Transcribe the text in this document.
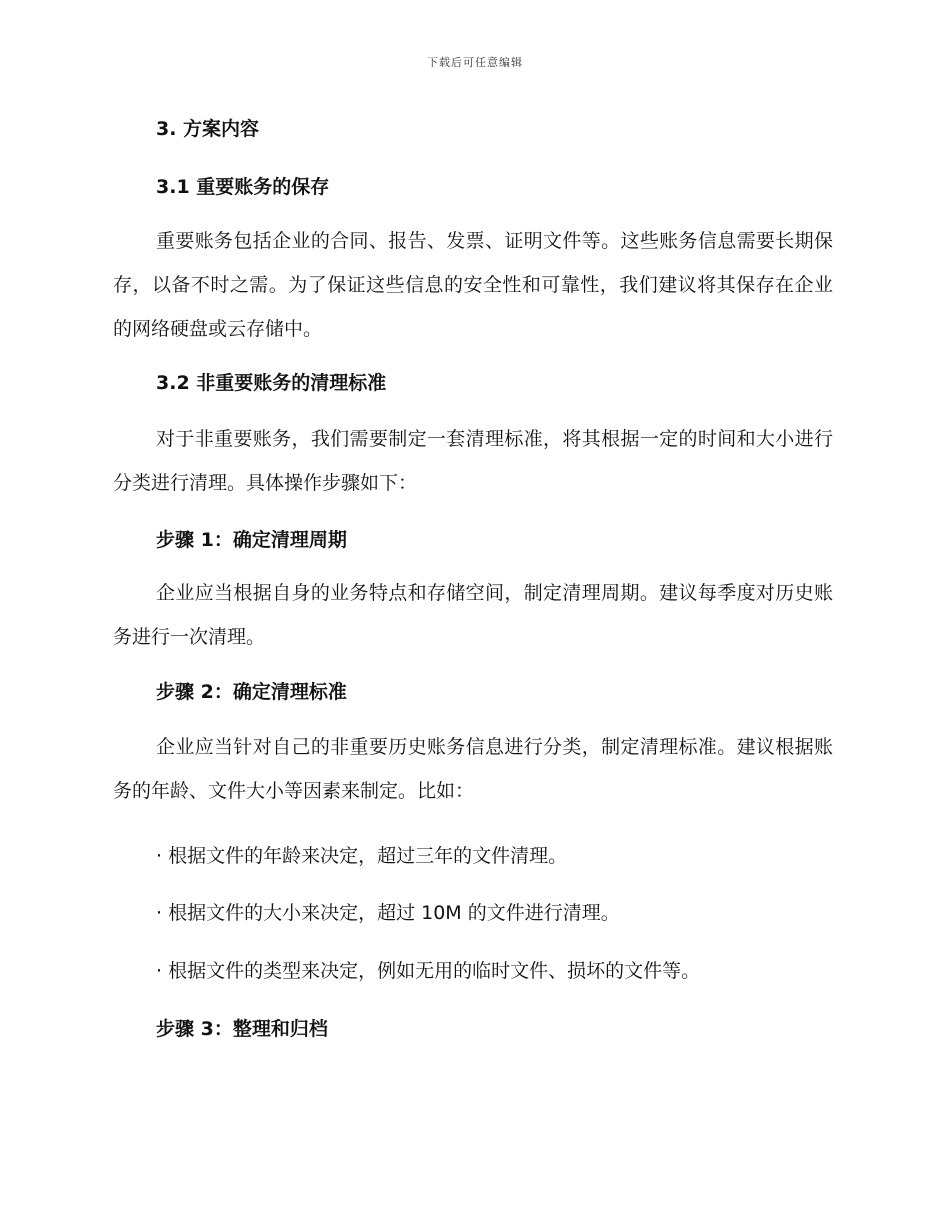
下载后可任意编辑
3. 方案内容
3.1 重要账务的保存

重要账务包括企业的合同、报告、发票、证明文件等。这些账务信息需要长期保存，以备不时之需。为了保证这些信息的安全性和可靠性，我们建议将其保存在企业的网络硬盘或云存储中。

3.2 非重要账务的清理标准

对于非重要账务，我们需要制定一套清理标准，将其根据一定的时间和大小进行分类进行清理。具体操作步骤如下：

步骤 1：确定清理周期

企业应当根据自身的业务特点和存储空间，制定清理周期。建议每季度对历史账务进行一次清理。

步骤 2：确定清理标准

企业应当针对自己的非重要历史账务信息进行分类，制定清理标准。建议根据账务的年龄、文件大小等因素来制定。比如：

· 根据文件的年龄来决定，超过三年的文件清理。
· 根据文件的大小来决定，超过 10M 的文件进行清理。
· 根据文件的类型来决定，例如无用的临时文件、损坏的文件等。
步骤 3：整理和归档
